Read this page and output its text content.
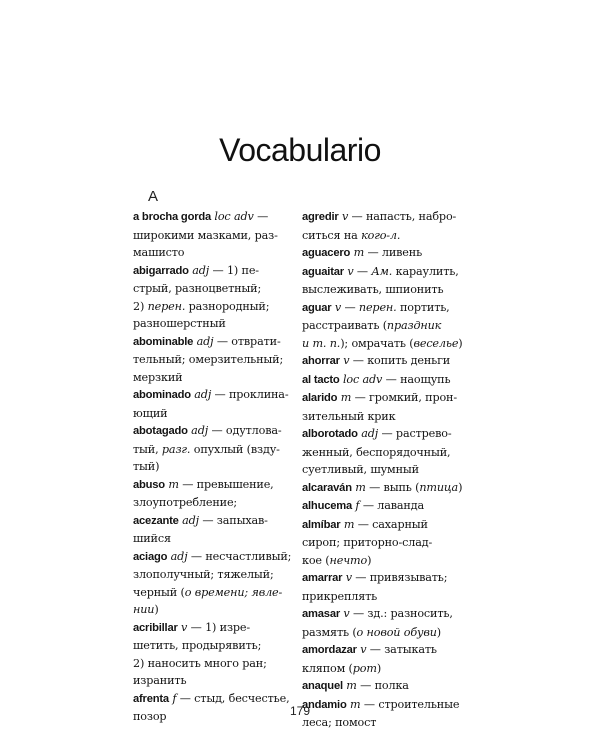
Vocabulario
A
a brocha gorda loc adv —
широкими мазками, раз-
машисто
abigarrado adj — 1) пе-
стрый, разноцветный;
2) перен. разнородный;
разношерстный
abominable adj — отврати-
тельный; омерзительный;
мерзкий
abominado adj — проклина-
ющий
abotagado adj — одутлова-
тый, разг. опухлый (взду-
тый)
abuso m — превышение,
злоупотребление;
acezante adj — запыхав-
шийся
aciago adj — несчастливый;
злополучный; тяжелый;
черный (о времени; явле-
нии)
acribillar v — 1) изре-
шетить, продырявить;
2) наносить много ран;
изранить
afrenta f — стыд, бесчестье,
позор
agredir v — напасть, набро-
ситься на кого-л.
aguacero m — ливень
aguaitar v — Ам. караулить,
выслеживать, шпионить
aguar v — перен. портить,
расстраивать (праздник
и т. п.); омрачать (веселье)
ahorrar v — копить деньги
al tacto loc adv — наощупь
alarido m — громкий, прон-
зительный крик
alborotado adj — растрево-
женный, беспорядочный,
суетливый, шумный
alcaraván m — выпь (птица)
alhucema f — лаванда
almíbar m — сахарный
сироп; приторно-слад-
кое (нечто)
amarrar v — привязывать;
прикреплять
amasar v — зд.: разносить,
размять (о новой обуви)
amordazar v — затыкать
кляпом (рот)
anaquel m — полка
andamio m — строительные
леса; помост
179
